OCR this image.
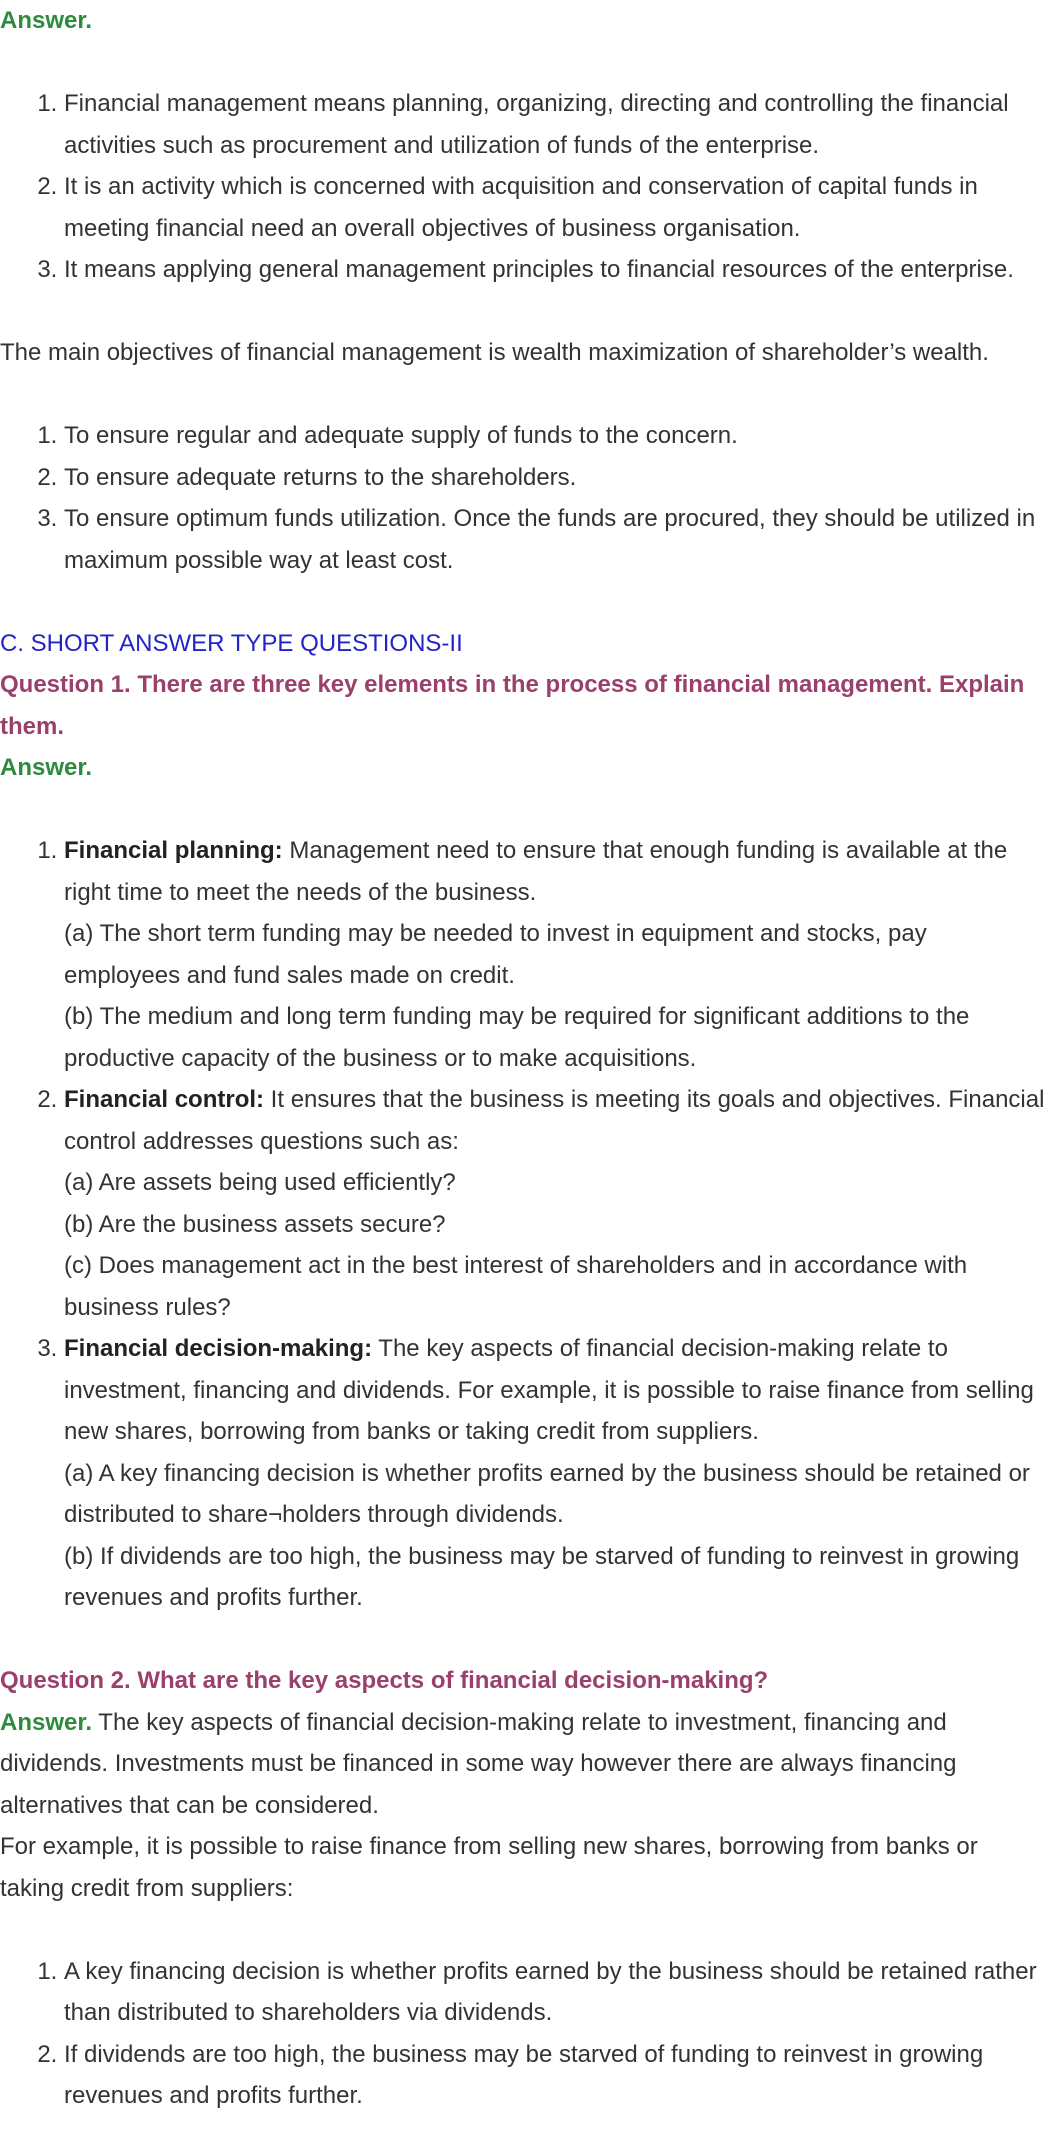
Answer.

1. Financial management means planning, organizing, directing and controlling the financial activities such as procurement and utilization of funds of the enterprise.
2. It is an activity which is concerned with acquisition and conservation of capital funds in meeting financial need an overall objectives of business organisation.
3. It means applying general management principles to financial resources of the enterprise.

The main objectives of financial management is wealth maximization of shareholder’s wealth.

1. To ensure regular and adequate supply of funds to the concern.
2. To ensure adequate returns to the shareholders.
3. To ensure optimum funds utilization. Once the funds are procured, they should be utilized in maximum possible way at least cost.

C. SHORT ANSWER TYPE QUESTIONS-II

Question 1. There are three key elements in the process of financial management. Explain them.

Answer.

1. Financial planning: Management need to ensure that enough funding is available at the right time to meet the needs of the business.
(a) The short term funding may be needed to invest in equipment and stocks, pay employees and fund sales made on credit.
(b) The medium and long term funding may be required for significant additions to the productive capacity of the business or to make acquisitions.
2. Financial control: It ensures that the business is meeting its goals and objectives. Financial control addresses questions such as:
(a) Are assets being used efficiently?
(b) Are the business assets secure?
(c) Does management act in the best interest of shareholders and in accordance with business rules?
3. Financial decision-making: The key aspects of financial decision-making relate to investment, financing and dividends. For example, it is possible to raise finance from selling new shares, borrowing from banks or taking credit from suppliers.
(a) A key financing decision is whether profits earned by the business should be retained or distributed to share¬holders through dividends.
(b) If dividends are too high, the business may be starved of funding to reinvest in growing revenues and profits further.

Question 2. What are the key aspects of financial decision-making?

Answer. The key aspects of financial decision-making relate to investment, financing and dividends. Investments must be financed in some way however there are always financing alternatives that can be considered.

For example, it is possible to raise finance from selling new shares, borrowing from banks or taking credit from suppliers:

1. A key financing decision is whether profits earned by the business should be retained rather than distributed to shareholders via dividends.
2. If dividends are too high, the business may be starved of funding to reinvest in growing revenues and profits further.
